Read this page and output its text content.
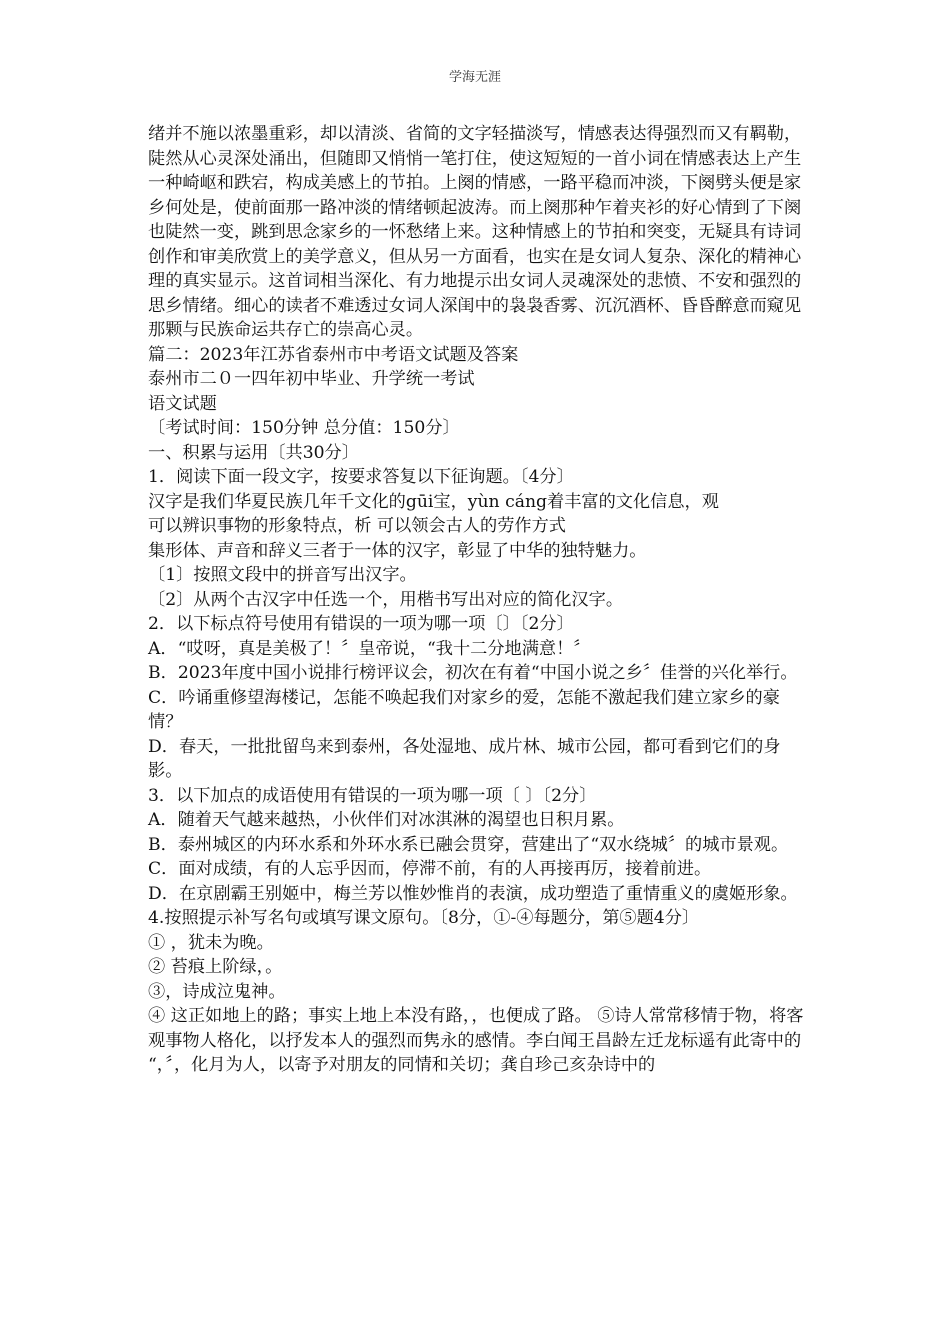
学海无涯

绪并不施以浓墨重彩，却以清淡、省简的文字轻描淡写，情感表达得强烈而又有羁勒，陡然从心灵深处涌出，但随即又悄悄一笔打住，使这短短的一首小词在情感表达上产生一种崎岖和跌宕，构成美感上的节拍。上阕的情感，一路平稳而冲淡，下阕劈头便是家乡何处是，使前面那一路冲淡的情绪顿起波涛。而上阕那种乍着夹衫的好心情到了下阕也陡然一变，跳到思念家乡的一怀愁绪上来。这种情感上的节拍和突变，无疑具有诗词创作和审美欣赏上的美学意义，但从另一方面看，也实在是女词人复杂、深化的精神心理的真实显示。这首词相当深化、有力地提示出女词人灵魂深处的悲愤、不安和强烈的思乡情绪。细心的读者不难透过女词人深闺中的袅袅香雾、沉沉酒杯、昏昏醉意而窥见那颗与民族命运共存亡的崇高心灵。

篇二：2023年江苏省泰州市中考语文试题及答案

泰州市二０一四年初中毕业、升学统一考试

语文试题

〔考试时间：150分钟 总分值：150分〕

一、积累与运用〔共30分〕

1．阅读下面一段文字，按要求答复以下征询题。〔4分〕

汉字是我们华夏民族几年千文化的gūi宝，yùn cáng着丰富的文化信息，观

可以辨识事物的形象特点，析 可以领会古人的劳作方式

集形体、声音和辞义三者于一体的汉字，彰显了中华的独特魅力。

〔1〕按照文段中的拼音写出汉字。

〔2〕从两个古汉字中任选一个，用楷书写出对应的简化汉字。

2．以下标点符号使用有错误的一项为哪一项〔〕〔2分〕

A．“哎呀，真是美极了！〞皇帝说，“我十二分地满意！〞

B．2023年度中国小说排行榜评议会，初次在有着“中国小说之乡〞佳誉的兴化举行。

C．吟诵重修望海楼记，怎能不唤起我们对家乡的爱，怎能不激起我们建立家乡的豪情？

D．春天，一批批留鸟来到泰州，各处湿地、成片林、城市公园，都可看到它们的身影。

3．以下加点的成语使用有错误的一项为哪一项〔 〕〔2分〕

A．随着天气越来越热，小伙伴们对冰淇淋的渴望也日积月累。

B．泰州城区的内环水系和外环水系已融会贯穿，营建出了“双水绕城〞的城市景观。

C．面对成绩，有的人忘乎因而，停滞不前，有的人再接再厉，接着前进。

D．在京剧霸王别姬中，梅兰芳以惟妙惟肖的表演，成功塑造了重情重义的虞姬形象。

4.按照提示补写名句或填写课文原句。〔8分，①-④每题分，第⑤题4分〕

① ，犹未为晚。

② 苔痕上阶绿，。

③，诗成泣鬼神。

④ 这正如地上的路；事实上地上本没有路，，也便成了路。 ⑤诗人常常移情于物，将客观事物人格化，以抒发本人的强烈而隽永的感情。李白闻王昌龄左迁龙标遥有此寄中的

“，〞，化月为人，以寄予对朋友的同情和关切；龚自珍己亥杂诗中的
